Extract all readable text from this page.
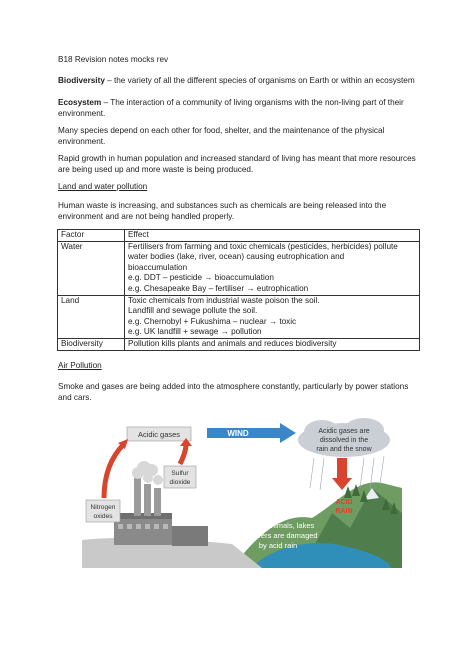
B18 Revision notes mocks rev

Biodiversity – the variety of all the different species of organisms on Earth or within an ecosystem

Ecosystem – The interaction of a community of living organisms with the non-living part of their environment.

Many species depend on each other for food, shelter, and the maintenance of the physical environment.

Rapid growth in human population and increased standard of living has meant that more resources are being used up and more waste is being produced.

Land and water pollution

Human waste is increasing, and substances such as chemicals are being released into the environment and are not being handled properly.

Factor	Effect
Water	Fertilisers from farming and toxic chemicals (pesticides, herbicides) pollute
water bodies (lake, river, ocean) causing eutrophication and
bioaccumulation
e.g. DDT – pesticide → bioaccumulation
e.g. Chesapeake Bay – fertiliser → eutrophication

Land	Toxic chemicals from industrial waste poison the soil.
Landfill and sewage pollute the soil.
e.g. Chernobyl + Fukushima – nuclear → toxic
e.g. UK landfill + sewage → pollution

Biodiversity	Pollution kills plants and animals and reduces biodiversity

Air Pollution

Smoke and gases are being added into the atmosphere constantly, particularly by power stations and cars.

Acidic gases
Nitrogen
oxides
Sulfur
dioxide
WIND	Acidic gases are
dissolved in the
rain and the snow
ACID
RAIN
Plants, animals, lakes
and rivers are damaged
by acid rain
